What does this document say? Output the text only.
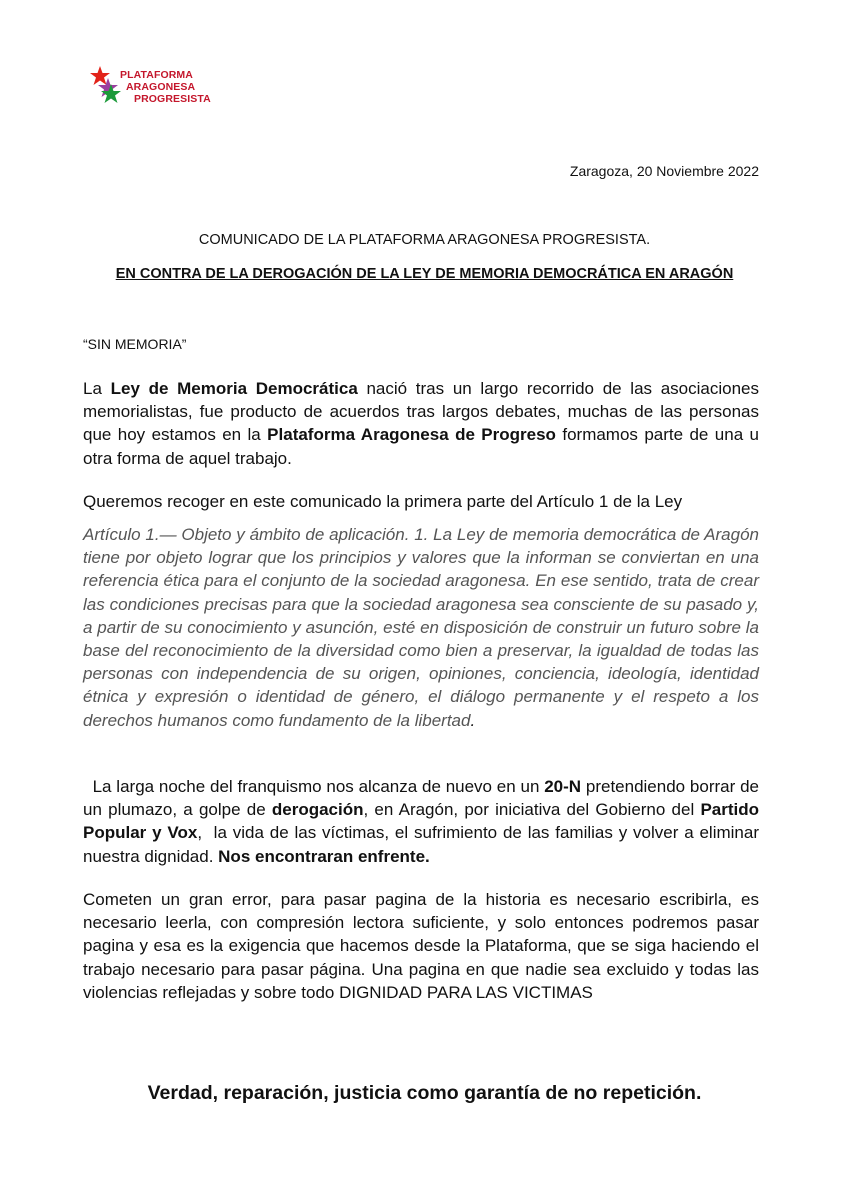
PLATAFORMA
ARAGONESA
PROGRESISTA
Zaragoza, 20 Noviembre 2022
COMUNICADO DE LA PLATAFORMA ARAGONESA PROGRESISTA.
EN CONTRA DE LA DEROGACIÓN DE LA LEY DE MEMORIA DEMOCRÁTICA EN ARAGÓN
“SIN MEMORIA”

La Ley de Memoria Democrática nació tras un largo recorrido de las asociaciones memorialistas, fue producto de acuerdos tras largos debates, muchas de las personas que hoy estamos en la Plataforma Aragonesa de Progreso formamos parte de una u otra forma de aquel trabajo.

Queremos recoger en este comunicado la primera parte del Artículo 1 de la Ley

Artículo 1.— Objeto y ámbito de aplicación. 1. La Ley de memoria democrática de Aragón tiene por objeto lograr que los principios y valores que la informan se conviertan en una referencia ética para el conjunto de la sociedad aragonesa. En ese sentido, trata de crear las condiciones precisas para que la sociedad aragonesa sea consciente de su pasado y, a partir de su conocimiento y asunción, esté en disposición de construir un futuro sobre la base del reconocimiento de la diversidad como bien a preservar, la igualdad de todas las personas con independencia de su origen, opiniones, conciencia, ideología, identidad étnica y expresión o identidad de género, el diálogo permanente y el respeto a los derechos humanos como fundamento de la libertad.

La larga noche del franquismo nos alcanza de nuevo en un 20-N pretendiendo borrar de un plumazo, a golpe de derogación, en Aragón, por iniciativa del Gobierno del Partido Popular y Vox,  la vida de las víctimas, el sufrimiento de las familias y volver a eliminar nuestra dignidad. Nos encontraran enfrente.

Cometen un gran error, para pasar pagina de la historia es necesario escribirla, es necesario leerla, con compresión lectora suficiente, y solo entonces podremos pasar pagina y esa es la exigencia que hacemos desde la Plataforma, que se siga haciendo el trabajo necesario para pasar página. Una pagina en que nadie sea excluido y todas las violencias reflejadas y sobre todo DIGNIDAD PARA LAS VICTIMAS

Verdad, reparación, justicia como garantía de no repetición.
